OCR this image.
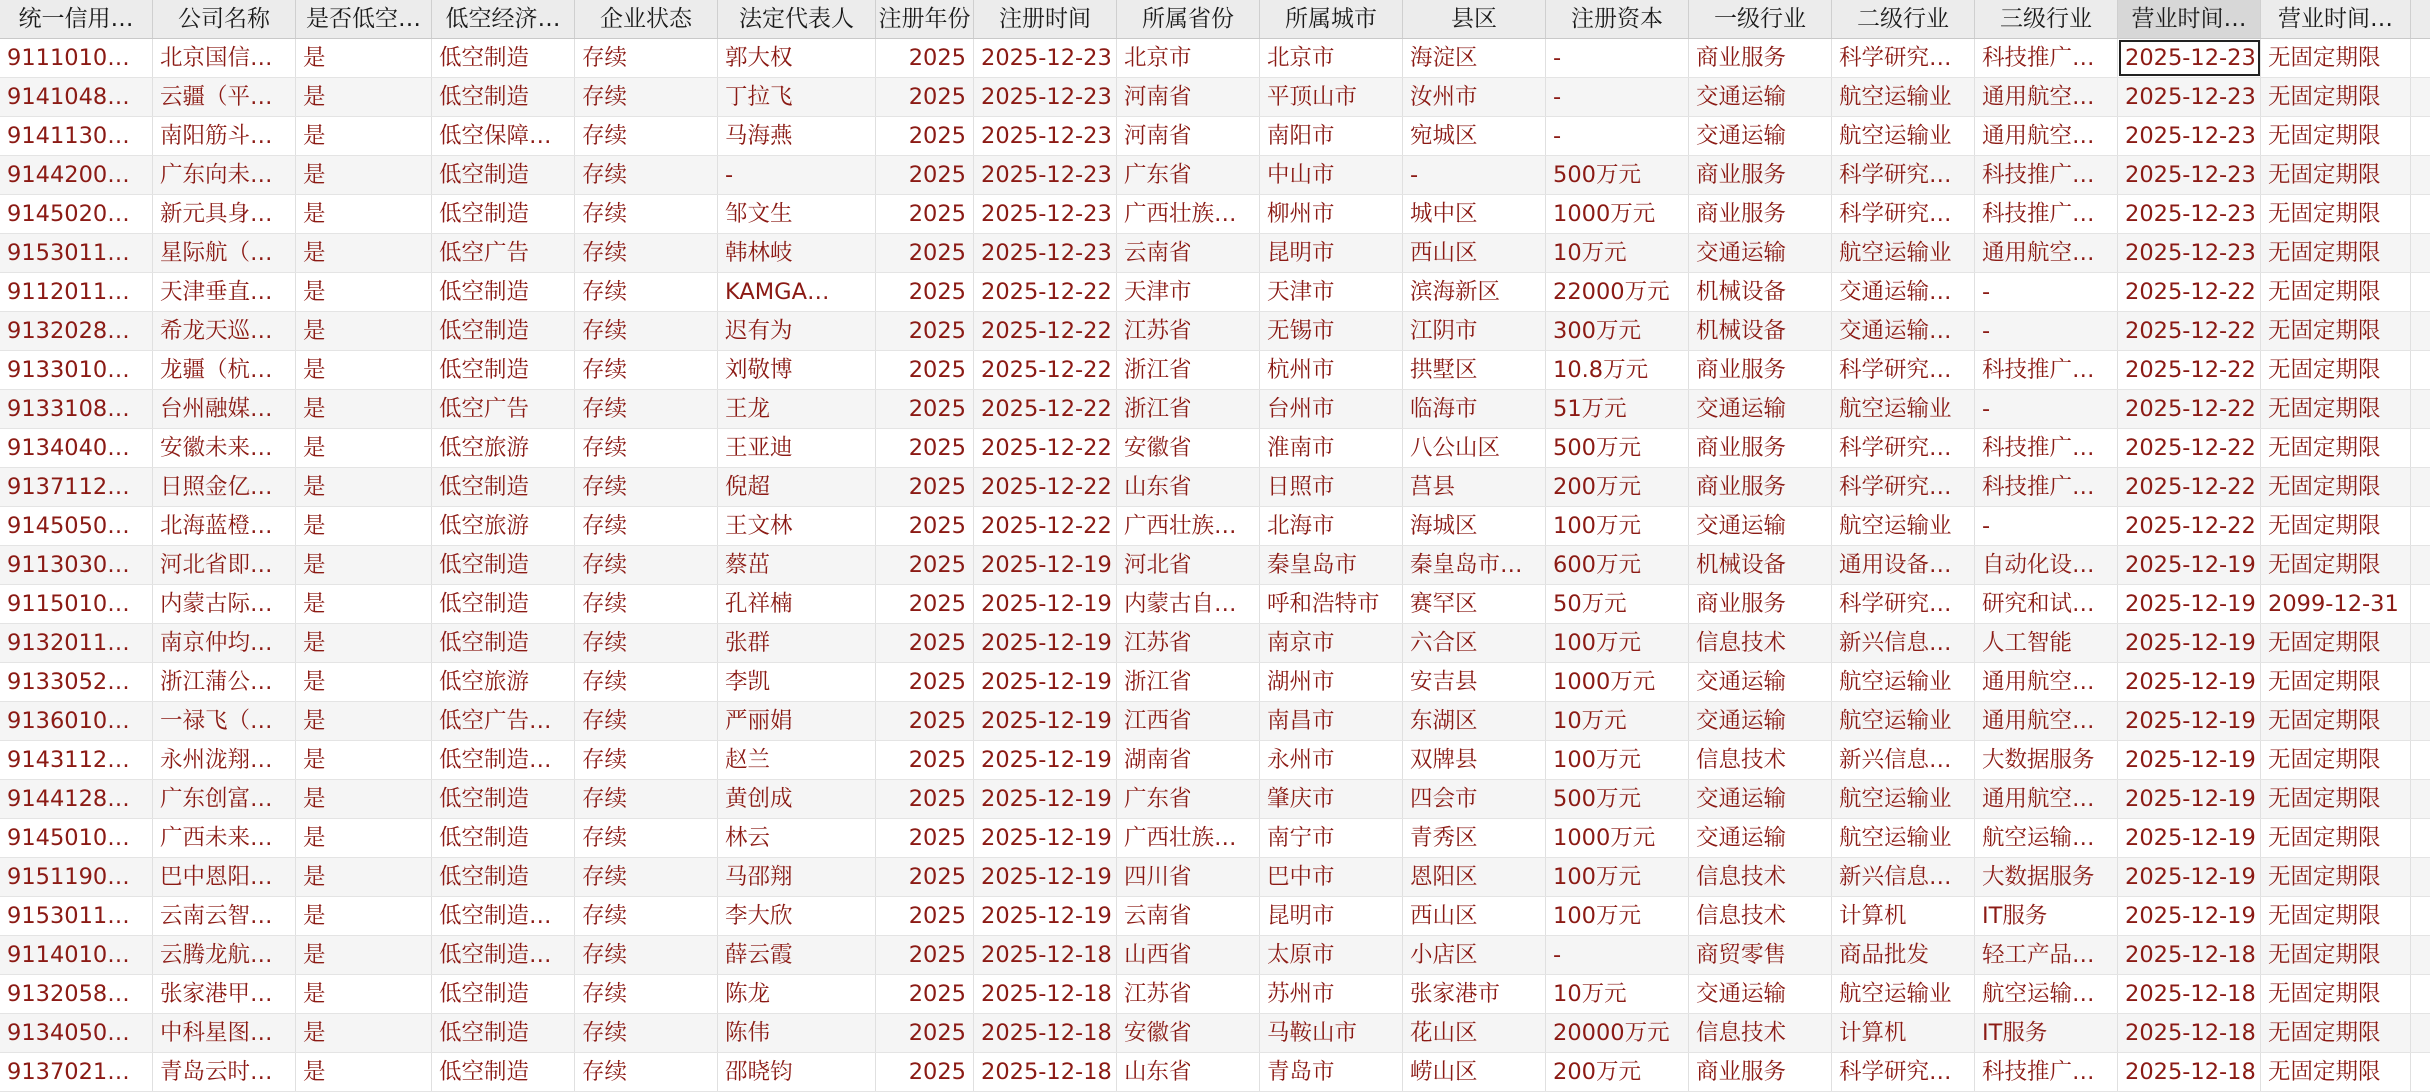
统一信用… 公司名称 是否低空… 低空经济… 企业状态 法定代表人 注册年份 注册时间 所属省份 所属城市	县区	注册资本 一级行业 二级行业 三级行业 营业时间… 营业时间…
9111010…	北京国信…	是	低空制造	存续	郭大权	2025 2025-12-23 北京市	北京市	海淀区	-	商业服务	科学研究…	科技推广…	2025-12-23 无固定期限
9141048…	云疆（平…	是	低空制造	存续	丁拉飞	2025 2025-12-23 河南省	平顶山市	汝州市	-	交通运输	航空运输业	通用航空…	2025-12-23 无固定期限
9141130…	南阳筋斗…	是	低空保障…	存续	马海燕	2025 2025-12-23 河南省	南阳市	宛城区	-	交通运输	航空运输业	通用航空…	2025-12-23 无固定期限
9144200…	广东向未…	是	低空制造	存续	-	2025 2025-12-23 广东省	中山市	-	500万元	商业服务	科学研究…	科技推广…	2025-12-23 无固定期限
9145020…	新元具身…	是	低空制造	存续	邹文生	2025 2025-12-23 广西壮族…	柳州市	城中区	1000万元	商业服务	科学研究…	科技推广…	2025-12-23 无固定期限
9153011…	星际航（…	是	低空广告	存续	韩林岐	2025 2025-12-23 云南省	昆明市	西山区	10万元	交通运输	航空运输业	通用航空…	2025-12-23 无固定期限
9112011…	天津垂直…	是	低空制造	存续	KAMGA…	2025 2025-12-22 天津市	天津市	滨海新区	22000万元	机械设备	交通运输…	-	2025-12-22 无固定期限
9132028…	希龙天巡…	是	低空制造	存续	迟有为	2025 2025-12-22 江苏省	无锡市	江阴市	300万元	机械设备	交通运输…	-	2025-12-22 无固定期限
9133010…	龙疆（杭…	是	低空制造	存续	刘敬博	2025 2025-12-22 浙江省	杭州市	拱墅区	10.8万元	商业服务	科学研究…	科技推广…	2025-12-22 无固定期限
9133108…	台州融媒…	是	低空广告	存续	王龙	2025 2025-12-22 浙江省	台州市	临海市	51万元	交通运输	航空运输业	-	2025-12-22 无固定期限
9134040…	安徽未来…	是	低空旅游	存续	王亚迪	2025 2025-12-22 安徽省	淮南市	八公山区	500万元	商业服务	科学研究…	科技推广…	2025-12-22 无固定期限
9137112…	日照金亿…	是	低空制造	存续	倪超	2025 2025-12-22 山东省	日照市	莒县	200万元	商业服务	科学研究…	科技推广…	2025-12-22 无固定期限
9145050…	北海蓝橙…	是	低空旅游	存续	王文林	2025 2025-12-22 广西壮族…	北海市	海城区	100万元	交通运输	航空运输业	-	2025-12-22 无固定期限
9113030…	河北省即…	是	低空制造	存续	蔡茁	2025 2025-12-19 河北省	秦皇岛市	秦皇岛市…	600万元	机械设备	通用设备…	自动化设…	2025-12-19 无固定期限
9115010…	内蒙古际…	是	低空制造	存续	孔祥楠	2025 2025-12-19 内蒙古自…	呼和浩特市	赛罕区	50万元	商业服务	科学研究…	研究和试…	2025-12-19 2099-12-31
9132011…	南京仲均…	是	低空制造	存续	张群	2025 2025-12-19 江苏省	南京市	六合区	100万元	信息技术	新兴信息…	人工智能	2025-12-19 无固定期限
9133052…	浙江蒲公…	是	低空旅游	存续	李凯	2025 2025-12-19 浙江省	湖州市	安吉县	1000万元	交通运输	航空运输业	通用航空…	2025-12-19 无固定期限
9136010…	一禄飞（…	是	低空广告…	存续	严丽娟	2025 2025-12-19 江西省	南昌市	东湖区	10万元	交通运输	航空运输业	通用航空…	2025-12-19 无固定期限
9143112…	永州泷翔…	是	低空制造…	存续	赵兰	2025 2025-12-19 湖南省	永州市	双牌县	100万元	信息技术	新兴信息…	大数据服务	2025-12-19 无固定期限
9144128…	广东创富…	是	低空制造	存续	黄创成	2025 2025-12-19 广东省	肇庆市	四会市	500万元	交通运输	航空运输业	通用航空…	2025-12-19 无固定期限
9145010…	广西未来…	是	低空制造	存续	林云	2025 2025-12-19 广西壮族…	南宁市	青秀区	1000万元	交通运输	航空运输业	航空运输…	2025-12-19 无固定期限
9151190…	巴中恩阳…	是	低空制造	存续	马邵翔	2025 2025-12-19 四川省	巴中市	恩阳区	100万元	信息技术	新兴信息…	大数据服务	2025-12-19 无固定期限
9153011…	云南云智…	是	低空制造…	存续	李大欣	2025 2025-12-19 云南省	昆明市	西山区	100万元	信息技术	计算机	IT服务	2025-12-19 无固定期限
9114010…	云腾龙航…	是	低空制造…	存续	薛云霞	2025 2025-12-18 山西省	太原市	小店区	-	商贸零售	商品批发	轻工产品…	2025-12-18 无固定期限
9132058…	张家港甲…	是	低空制造	存续	陈龙	2025 2025-12-18 江苏省	苏州市	张家港市	10万元	交通运输	航空运输业	航空运输…	2025-12-18 无固定期限
9134050…	中科星图…	是	低空制造	存续	陈伟	2025 2025-12-18 安徽省	马鞍山市	花山区	20000万元	信息技术	计算机	IT服务	2025-12-18 无固定期限
9137021…	青岛云时…	是	低空制造	存续	邵晓钧	2025 2025-12-18 山东省	青岛市	崂山区	200万元	商业服务	科学研究…	科技推广…	2025-12-18 无固定期限
